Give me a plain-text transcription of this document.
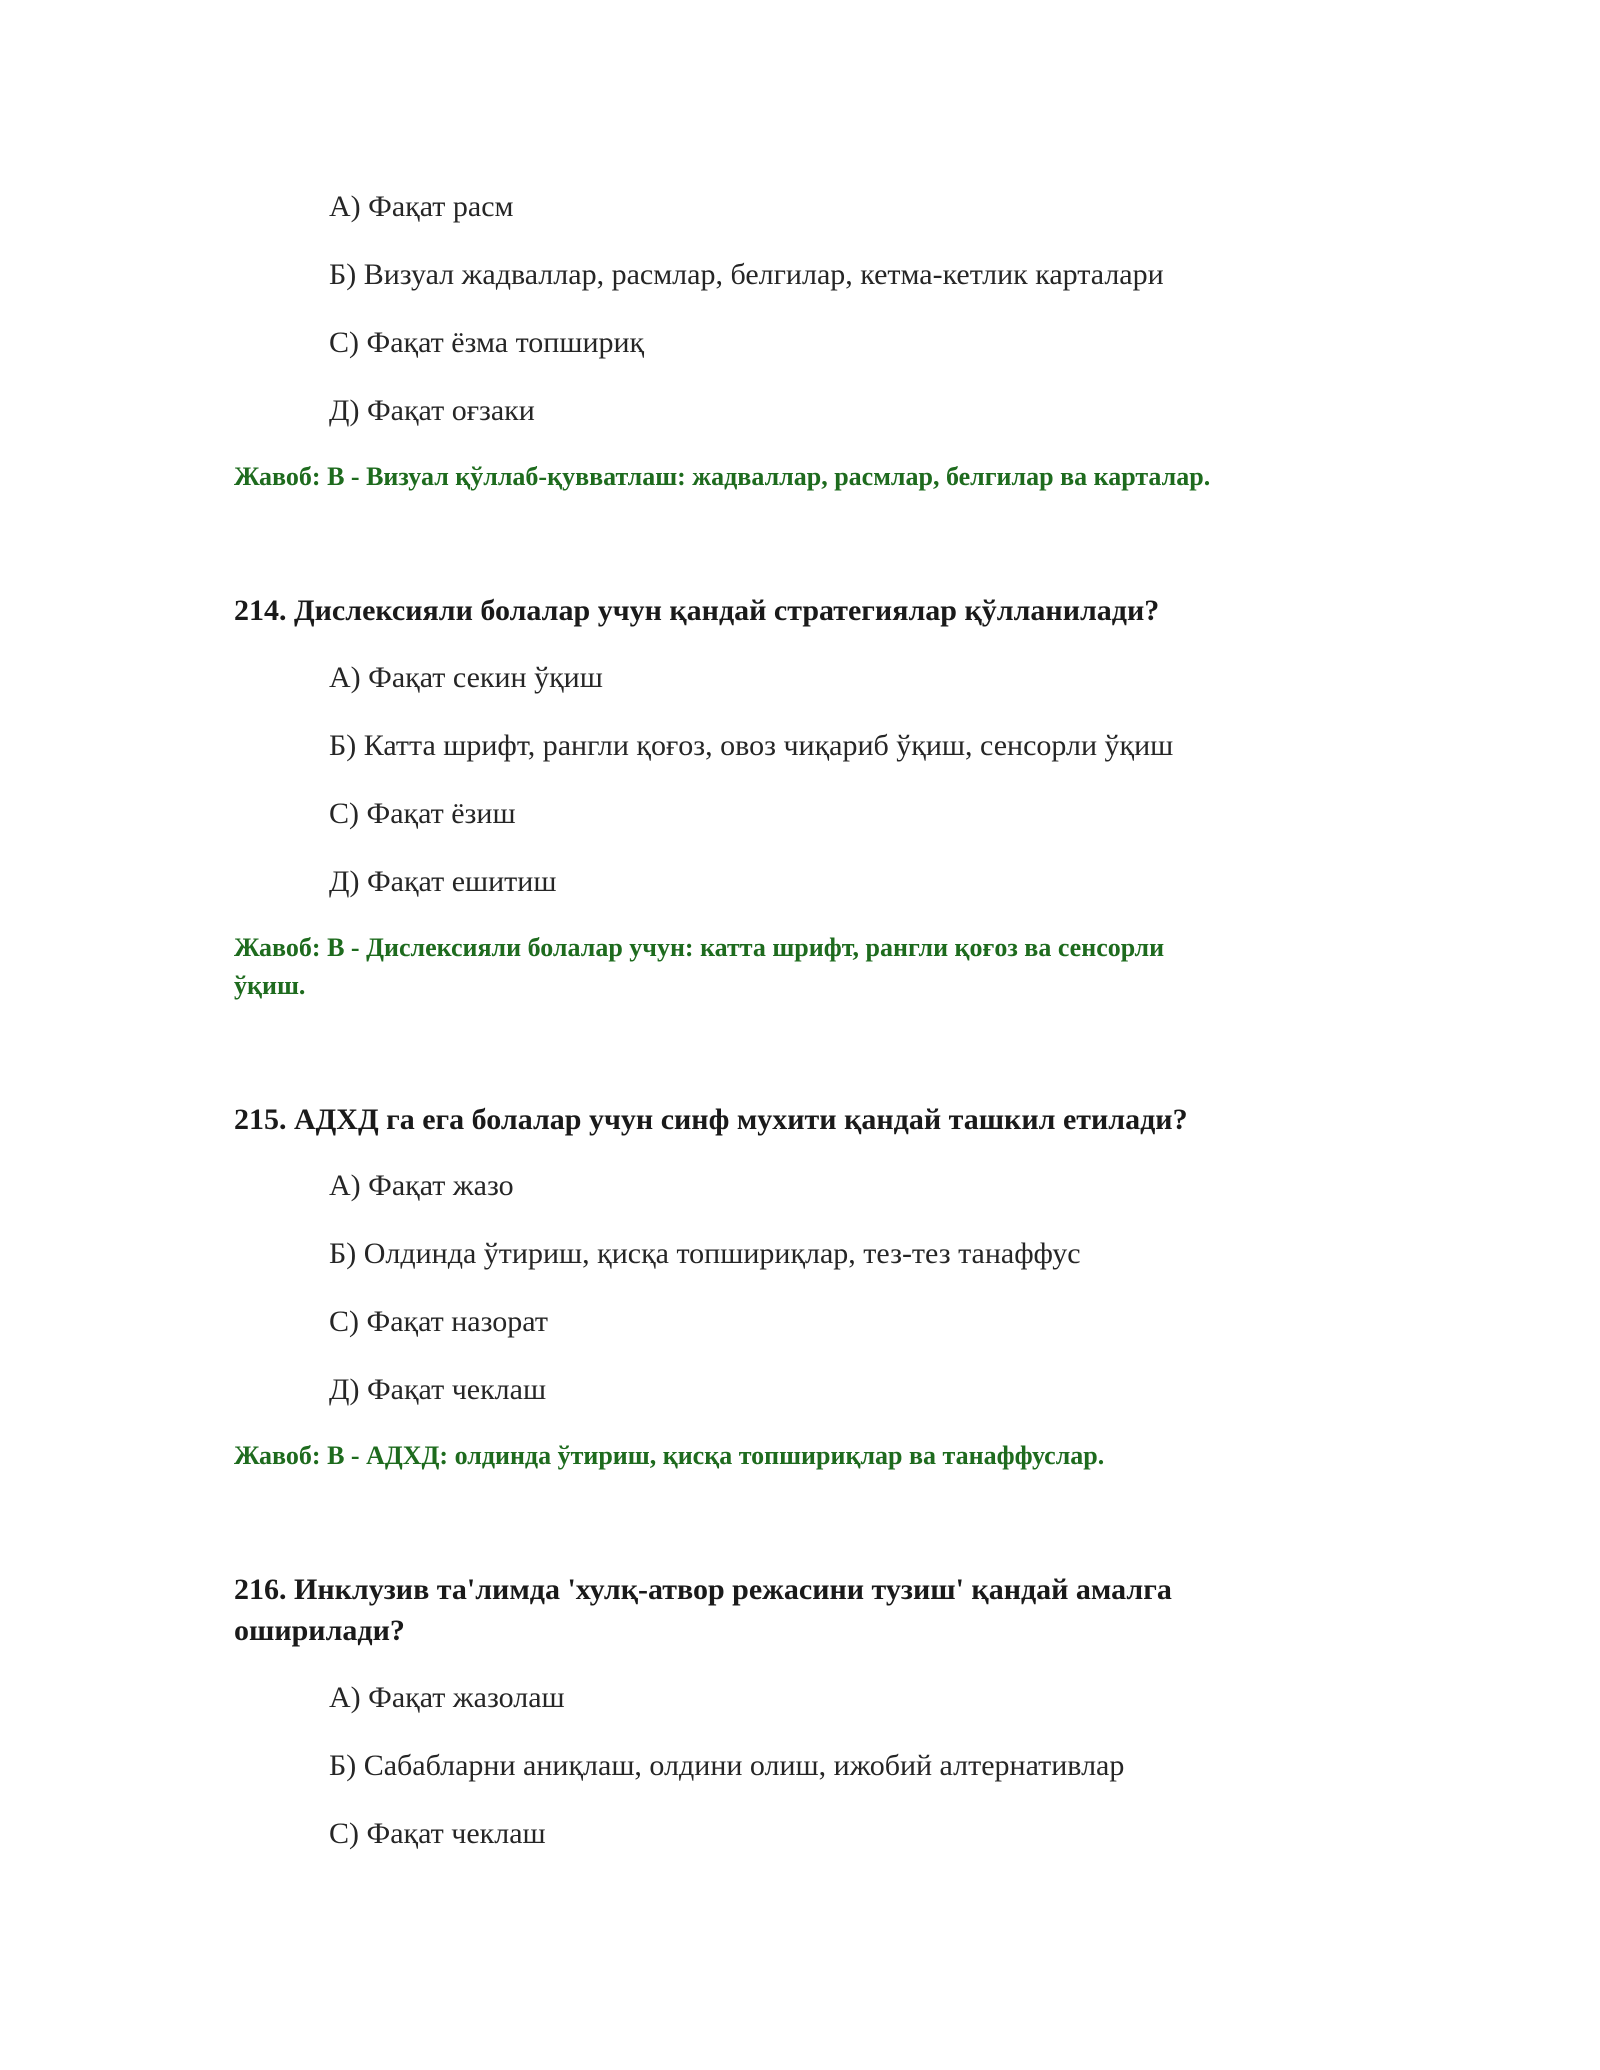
А) Фақат расм
Б) Визуал жадваллар, расмлар, белгилар, кетма-кетлик карталари
С) Фақат ёзма топшириқ
Д) Фақат оғзаки
Жавоб: B - Визуал қўллаб-қувватлаш: жадваллар, расмлар, белгилар ва карталар.
214. Дислексияли болалар учун қандай стратегиялар қўлланилади?
А) Фақат секин ўқиш
Б) Катта шрифт, рангли қоғоз, овоз чиқариб ўқиш, сенсорли ўқиш
С) Фақат ёзиш
Д) Фақат ешитиш
Жавоб: B - Дислексияли болалар учун: катта шрифт, рангли қоғоз ва сенсорли
ўқиш.
215. АДХД га ега болалар учун синф мухити қандай ташкил етилади?
А) Фақат жазо
Б) Олдинда ўтириш, қисқа топшириқлар, тез-тез танаффус
С) Фақат назорат
Д) Фақат чеклаш
Жавоб: B - АДХД: олдинда ўтириш, қисқа топшириқлар ва танаффуслар.
216. Инклузив та'лимда 'хулқ-атвор режасини тузиш' қандай амалга
оширилади?
А) Фақат жазолаш
Б) Сабабларни аниқлаш, олдини олиш, ижобий алтернативлар
С) Фақат чеклаш
